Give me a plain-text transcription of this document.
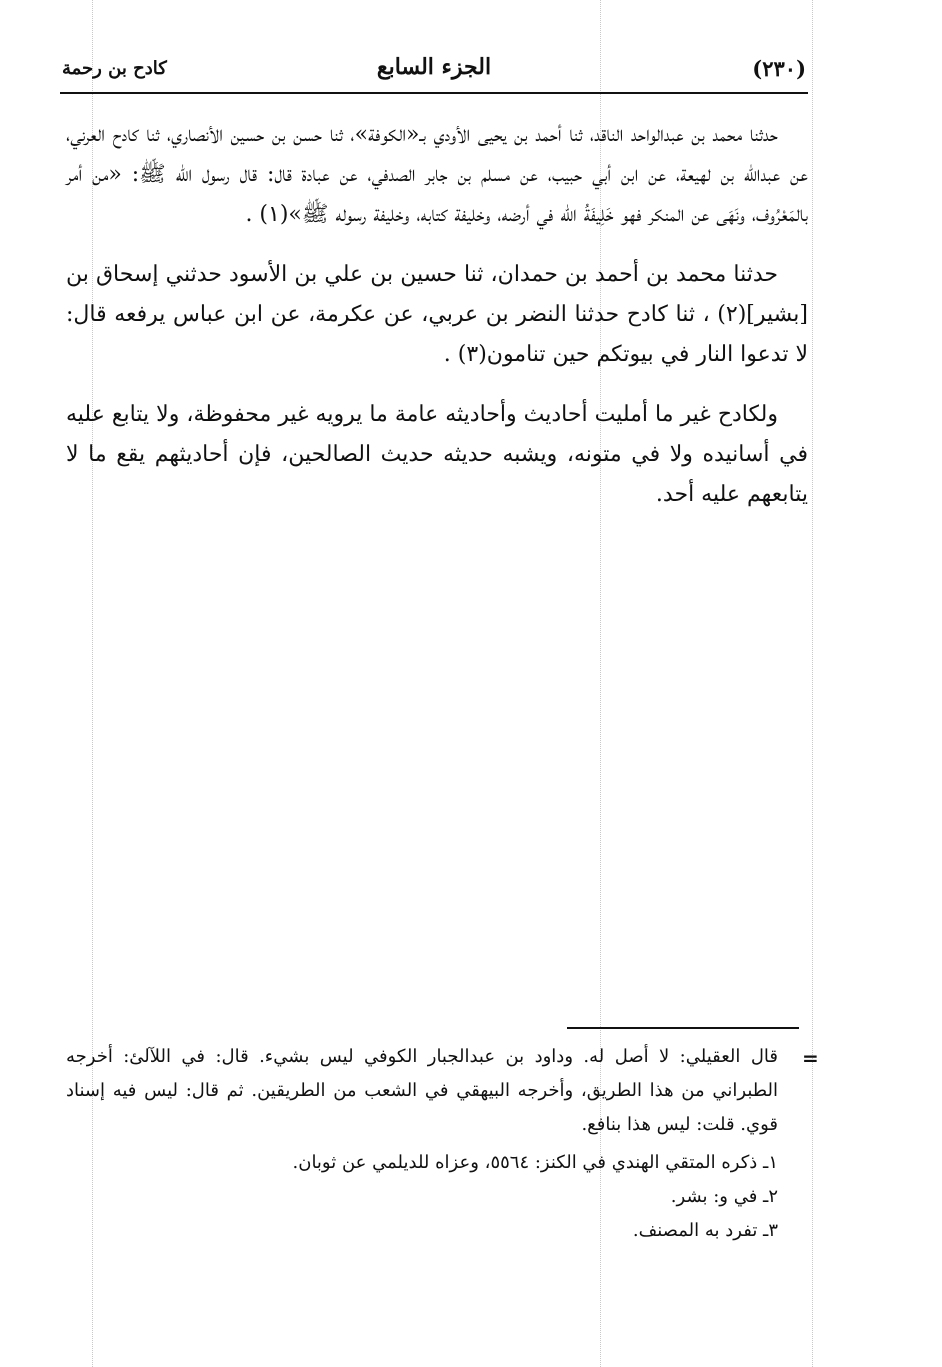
كادح بن رحمة	الجزء السابع	(٢٣٠)

حدثنا محمد بن عبدالواحد الناقد، ثنا أحمد بن يحيى الأودي بـ«الكوفة»، ثنا حسن بن حسين الأنصاري، ثنا كادح العرني، عن عبدالله بن لهيعة، عن ابن أبي حبيب، عن مسلم بن جابر الصدفي، عن عبادة قال: قال رسول الله ﷺ: «من أمر بالمَعْرُوف، ونَهَى عن المنكر فهو خَلِيفَةُ الله في أرضه، وخليفة كتابه، وخليفة رسوله ﷺ»(١) .

حدثنا محمد بن أحمد بن حمدان، ثنا حسين بن علي بن الأسود حدثني إسحاق بن [بشير](٢) ، ثنا كادح حدثنا النضر بن عربي، عن عكرمة، عن ابن عباس يرفعه قال: لا تدعوا النار في بيوتكم حين تنامون(٣) .

ولكادح غير ما أمليت أحاديث وأحاديثه عامة ما يرويه غير محفوظة، ولا يتابع عليه في أسانيده ولا في متونه، ويشبه حديثه حديث الصالحين، فإن أحاديثهم يقع ما لا يتابعهم عليه أحد.

=

قال العقيلي: لا أصل له. وداود بن عبدالجبار الكوفي ليس بشيء. قال: في اللآلئ: أخرجه الطبراني من هذا الطريق، وأخرجه البيهقي في الشعب من الطريقين. ثم قال: ليس فيه إسناد قوي. قلت: ليس هذا بنافع.

١ـ ذكره المتقي الهندي في الكنز: ٥٥٦٤، وعزاه للديلمي عن ثوبان.
٢ـ في و: بشر.
٣ـ تفرد به المصنف.
